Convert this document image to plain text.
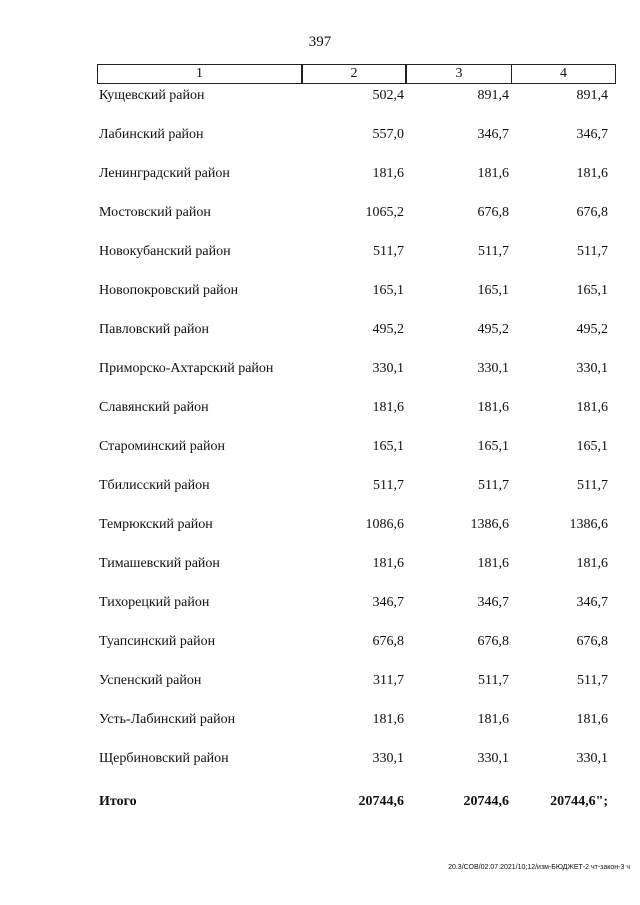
397
1	2	3	4
Кущевский район	502,4	891,4	891,4
Лабинский район	557,0	346,7	346,7
Ленинградский район	181,6	181,6	181,6
Мостовский район	1065,2	676,8	676,8
Новокубанский район	511,7	511,7	511,7
Новопокровский район	165,1	165,1	165,1
Павловский район	495,2	495,2	495,2
Приморско-Ахтарский район	330,1	330,1	330,1
Славянский район	181,6	181,6	181,6
Староминский район	165,1	165,1	165,1
Тбилисский район	511,7	511,7	511,7
Темрюкский район	1086,6	1386,6	1386,6
Тимашевский район	181,6	181,6	181,6
Тихорецкий район	346,7	346,7	346,7
Туапсинский район	676,8	676,8	676,8
Успенский район	311,7	511,7	511,7
Усть-Лабинский район	181,6	181,6	181,6
Щербиновский район	330,1	330,1	330,1
Итого	20744,6	20744,6	20744,6";
20.3/СОВ/02.07.2021/10;12/изм-БЮДЖЕТ-2 чт-закон-3 ч
